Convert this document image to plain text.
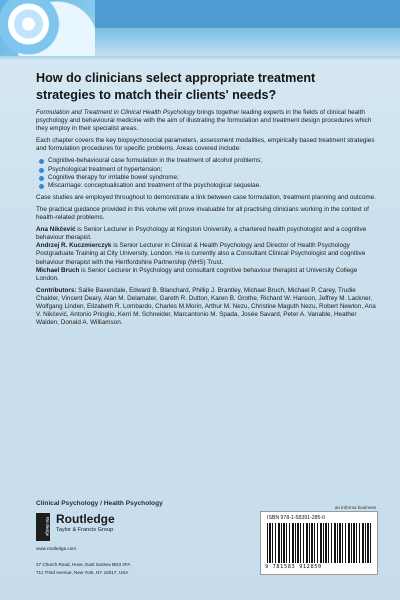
How do clinicians select appropriate treatment strategies to match their clients' needs?

Formulation and Treatment in Clinical Health Psychology brings together leading experts in the fields of clinical health psychology and behavioural medicine with the aim of illustrating the formulation and treatment design procedures which they employ in their specialist areas.

Each chapter covers the key biopsychosocial parameters, assessment modalities, empirically based treatment strategies and formulation procedures for specific problems. Areas covered include:

Cognitive-behavioural case formulation in the treatment of alcohol problems;
Psychological treatment of hypertension;
Cognitive therapy for irritable bowel syndrome;
Miscarriage: conceptualisation and treatment of the psychological sequelae.

Case studies are employed throughout to demonstrate a link between case formulation, treatment planning and outcome.

The practical guidance provided in this volume will prove invaluable for all practising clinicians working in the context of health-related problems.

Ana Nikčević is Senior Lecturer in Psychology at Kingston University, a chartered health psychologist and a cognitive behaviour therapist.
Andrzej R. Kuczmierczyk is Senior Lecturer in Clinical & Health Psychology and Director of Health Psychology Postgraduate Training at City University, London. He is currently also a Consultant Clinical Psychologist and cognitive behaviour therapist with the Hertfordshire Partnership (NHS) Trust.
Michael Bruch is Senior Lecturer in Psychology and consultant cognitive behaviour therapist at University College London.

Contributors: Sallie Baxendale, Edward B. Blanchard, Phillip J. Brantley, Michael Bruch, Michael P. Carey, Trudie Chalder, Vincent Deary, Alan M. Delamater, Gareth R. Dutton, Karen B. Grothe, Richard W. Hanson, Jeffrey M. Lackner, Wolfgang Linden, Elizabeth R. Lombardo, Charles M.Morin, Arthur M. Nezu, Christine Maguth Nezu, Robert Newton, Ana V. Nikčević, Antonio Prioglio, Kerri M. Schneider, Marcantonio M. Spada, Josée Savard, Peter A. Vanable, Heather Walden, Donald A. Williamson.

Clinical Psychology / Health Psychology
Routledge Routledge
Taylor & Francis Group
www.routledge.com
27 Church Road, Hove, East Sussex BN3 2FA
711 Third Avenue, New York, NY 10017, USA
an informa business
ISBN 978-1-58391-285-0
9 781583 912850
